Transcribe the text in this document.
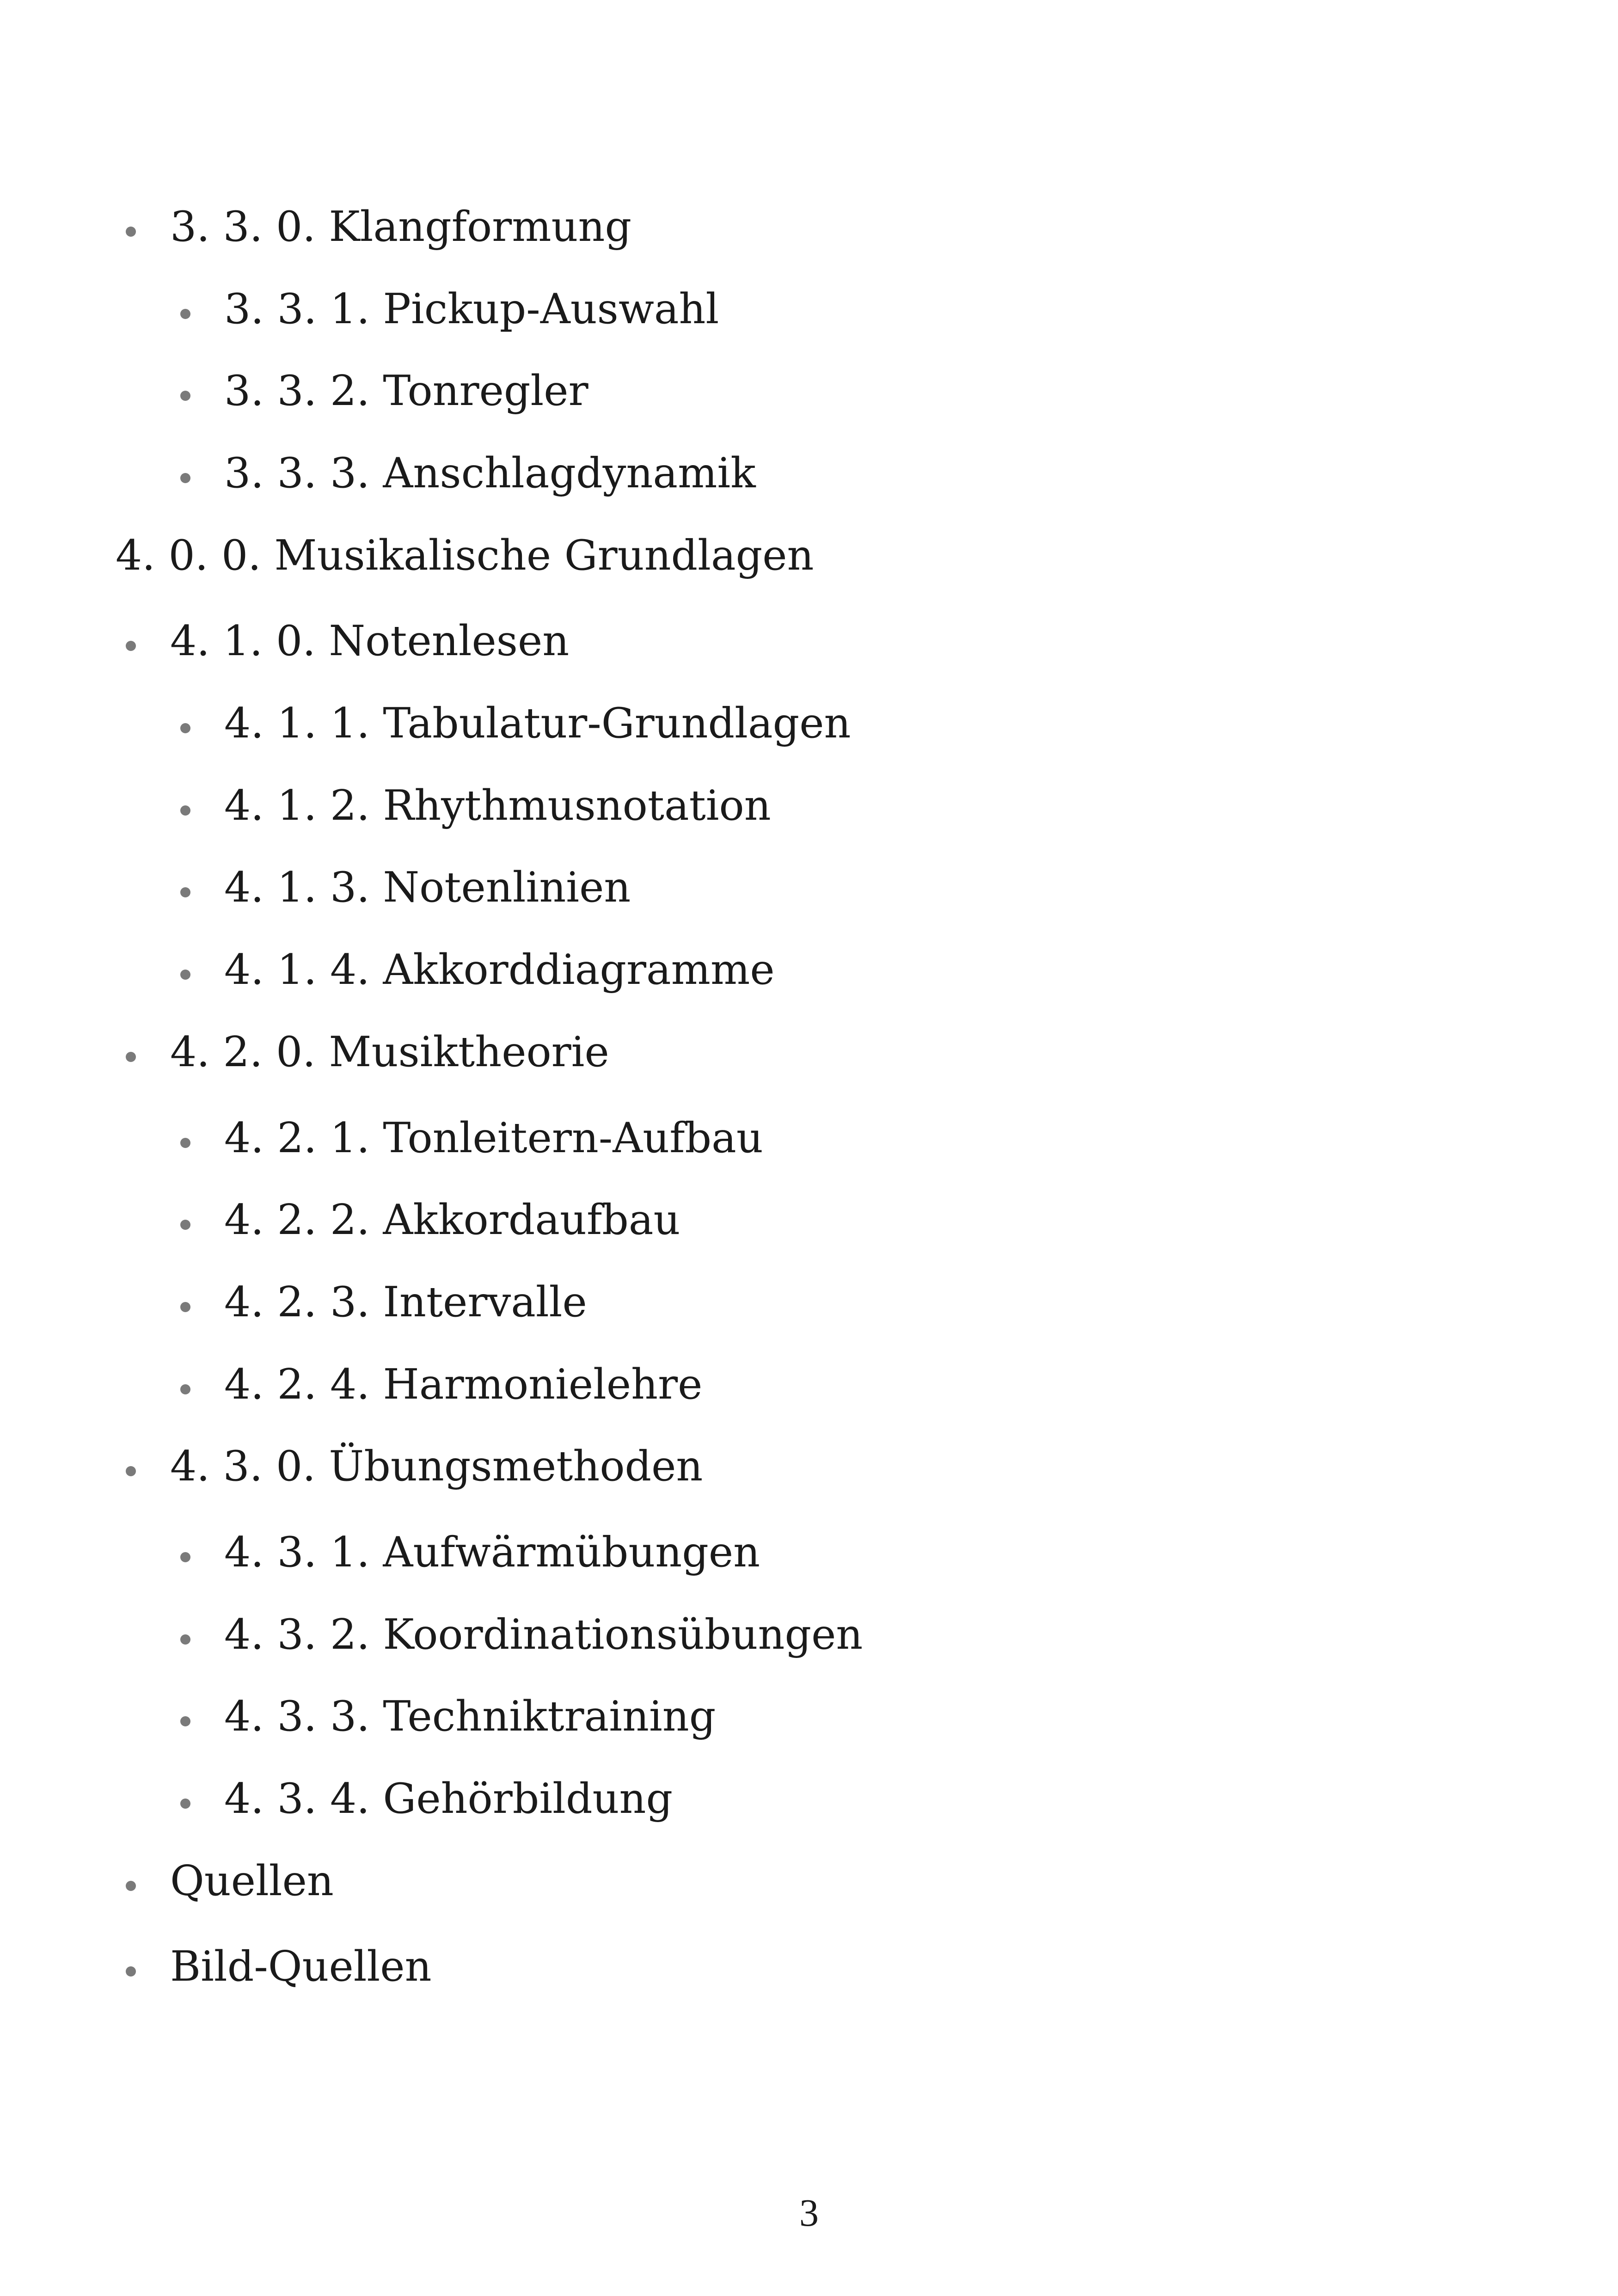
3. 3. 0. Klangformung
3. 3. 1. Pickup-Auswahl
3. 3. 2. Tonregler
3. 3. 3. Anschlagdynamik
4. 0. 0. Musikalische Grundlagen
4. 1. 0. Notenlesen
4. 1. 1. Tabulatur-Grundlagen
4. 1. 2. Rhythmusnotation
4. 1. 3. Notenlinien
4. 1. 4. Akkorddiagramme
4. 2. 0. Musiktheorie
4. 2. 1. Tonleitern-Aufbau
4. 2. 2. Akkordaufbau
4. 2. 3. Intervalle
4. 2. 4. Harmonielehre
4. 3. 0. Übungsmethoden
4. 3. 1. Aufwärmübungen
4. 3. 2. Koordinationsübungen
4. 3. 3. Techniktraining
4. 3. 4. Gehörbildung
Quellen
Bild-Quellen
3
